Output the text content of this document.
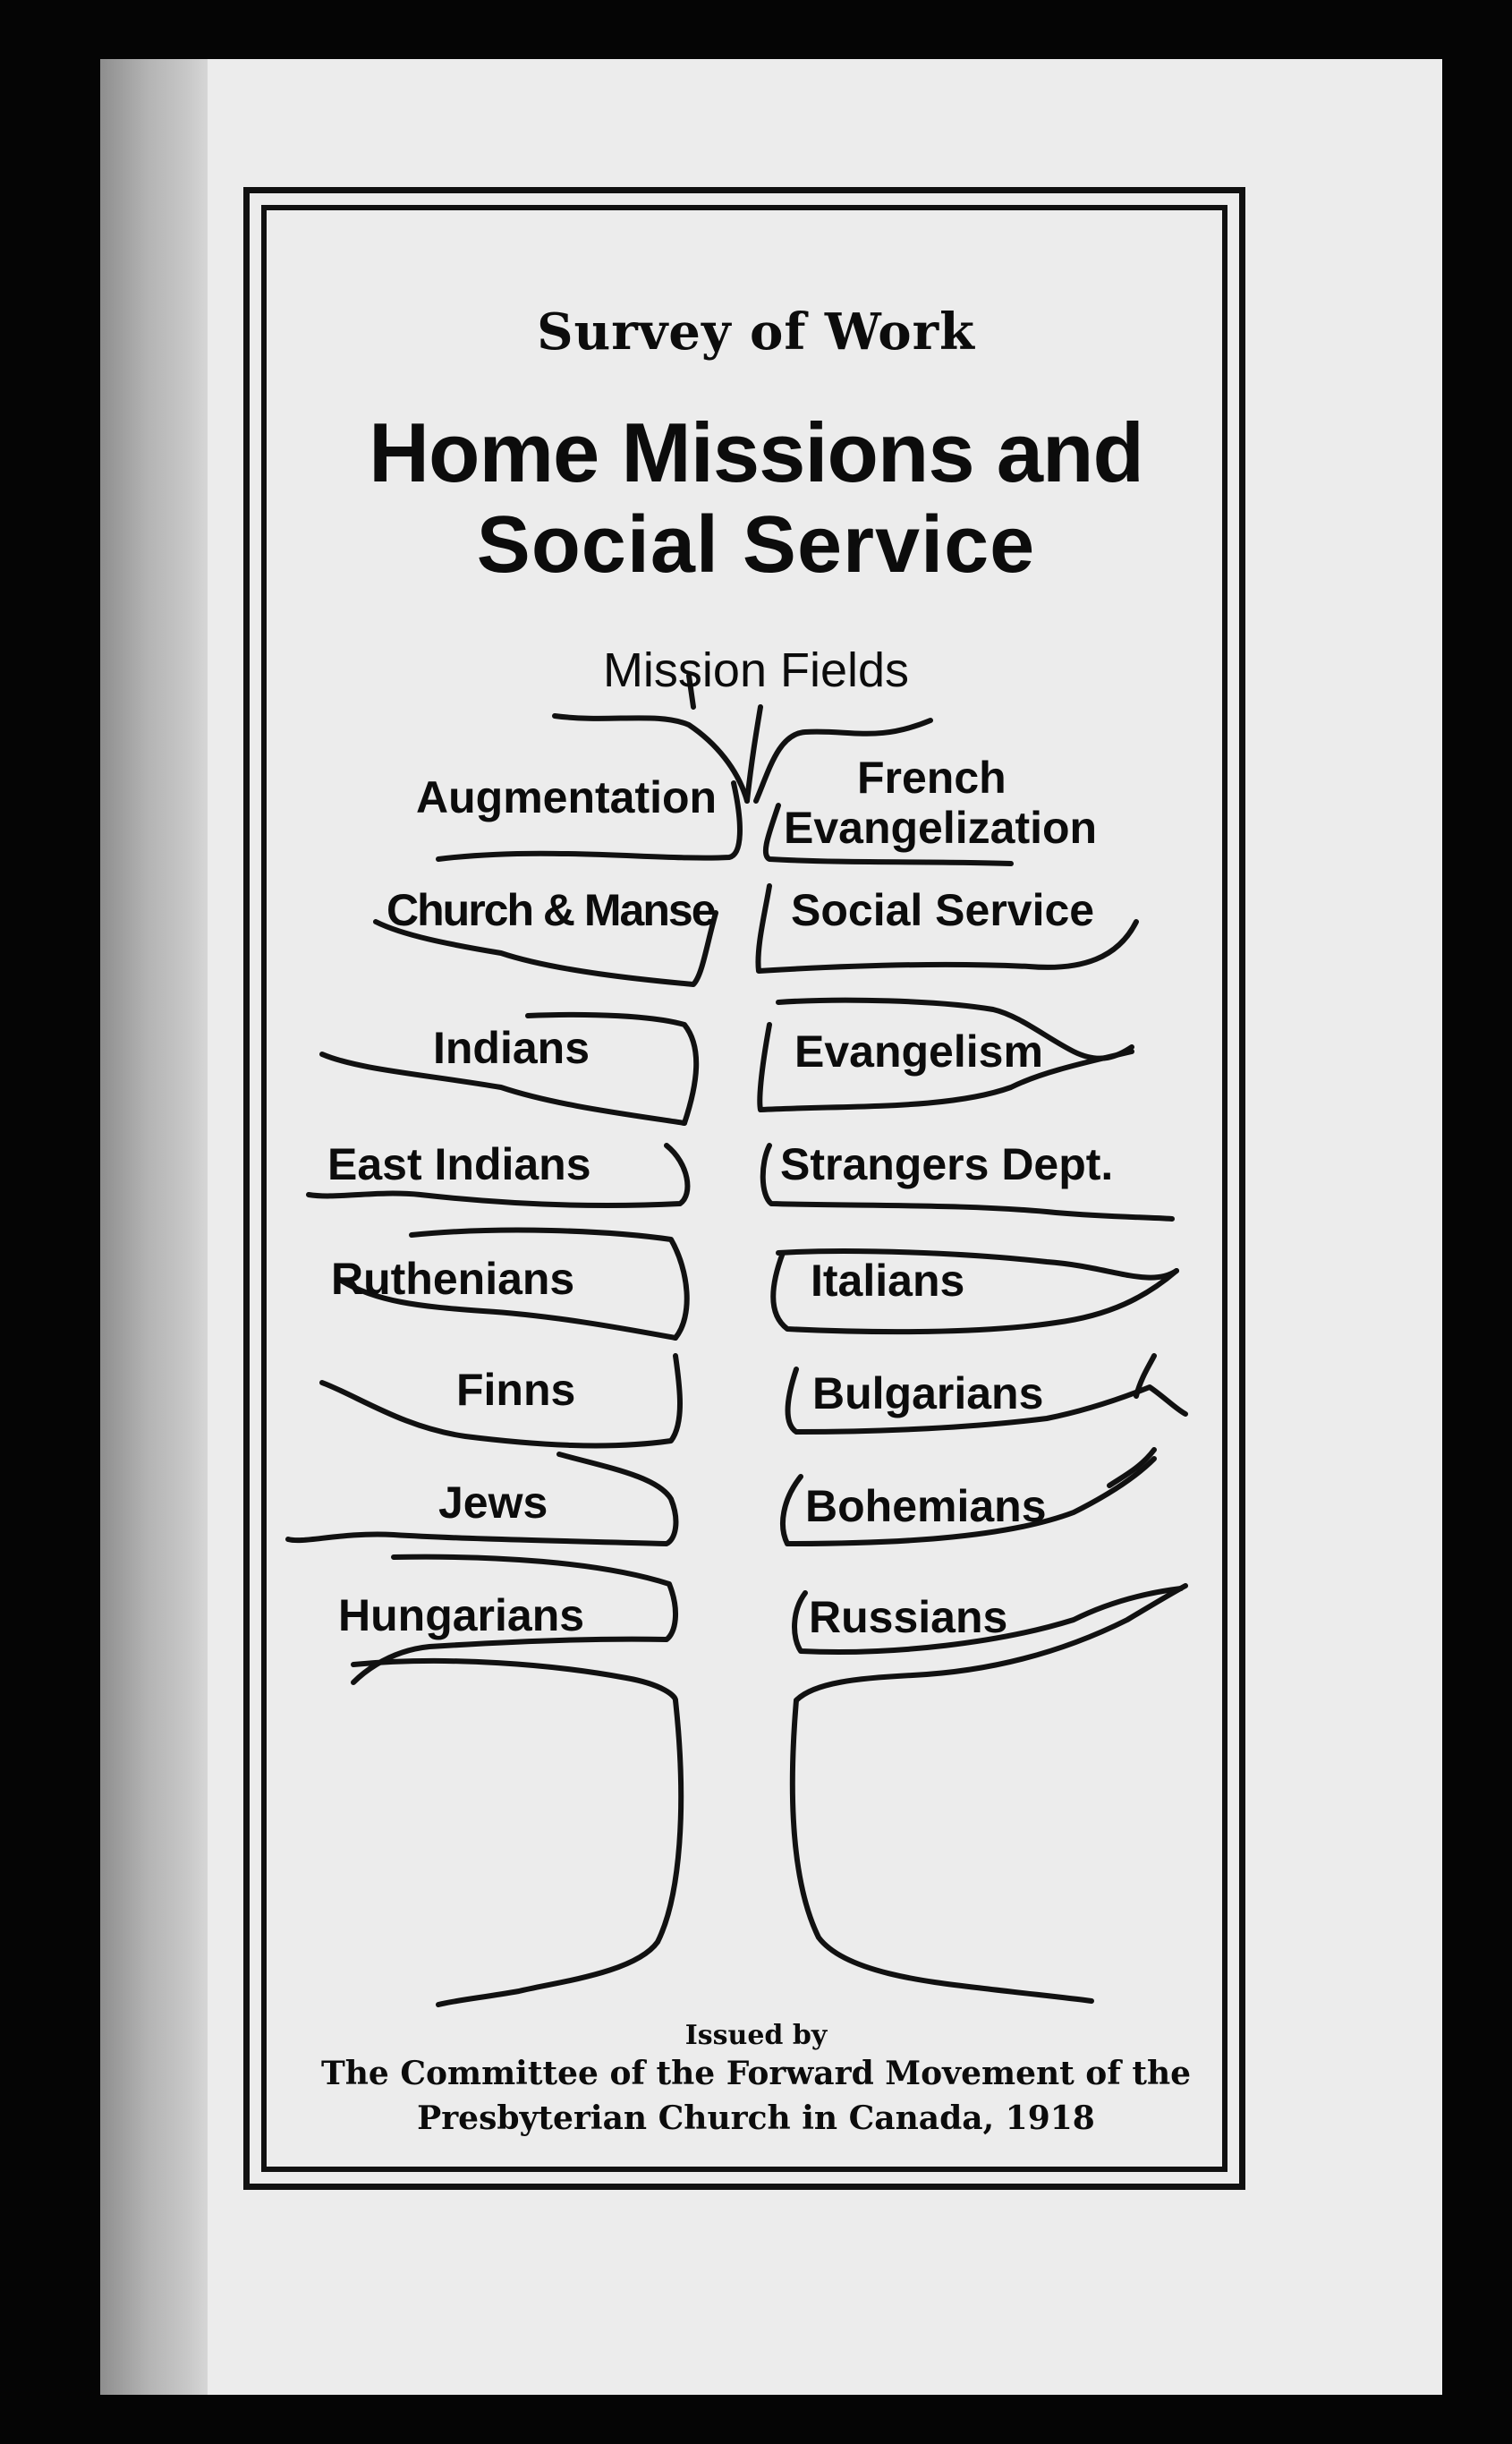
Survey of Work

Home Missions and

Social Service

Mission Fields

Augmentation

Church & Manse

Indians

East Indians

Ruthenians

Finns

Jews

Hungarians

French

Evangelization

Social Service

Evangelism

Strangers Dept.

Italians

Bulgarians

Bohemians

Russians

Issued by

The Committee of the Forward Movement of the

Presbyterian Church in Canada, 1918
